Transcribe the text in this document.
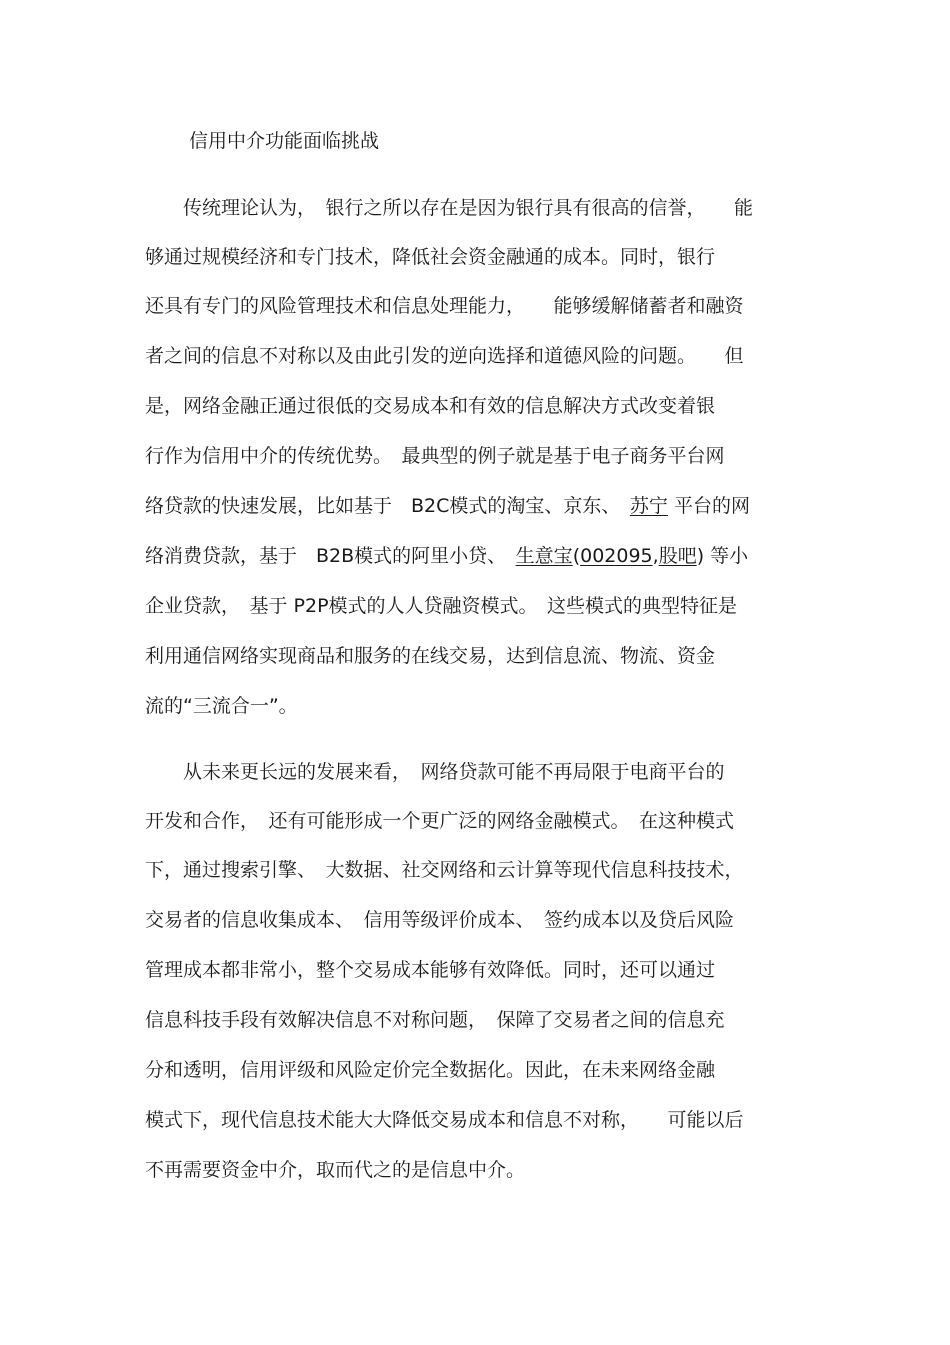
信用中介功能面临挑战
　　传统理论认为，　银行之所以存在是因为银行具有很高的信誉，　　能
够通过规模经济和专门技术，降低社会资金融通的成本。同时，银行
还具有专门的风险管理技术和信息处理能力，　　能够缓解储蓄者和融资
者之间的信息不对称以及由此引发的逆向选择和道德风险的问题。　　但
是，网络金融正通过很低的交易成本和有效的信息解决方式改变着银
行作为信用中介的传统优势。　最典型的例子就是基于电子商务平台网
络贷款的快速发展，比如基于　B2C模式的淘宝、京东、　苏宁 平台的网
络消费贷款，基于　B2B模式的阿里小贷、　生意宝(002095,股吧) 等小
企业贷款，　基于 P2P模式的人人贷融资模式。　这些模式的典型特征是
利用通信网络实现商品和服务的在线交易，达到信息流、物流、资金
流的“三流合一”。
　　从未来更长远的发展来看，　网络贷款可能不再局限于电商平台的
开发和合作，　还有可能形成一个更广泛的网络金融模式。　在这种模式
下，通过搜索引擎、　大数据、社交网络和云计算等现代信息科技技术，
交易者的信息收集成本、　信用等级评价成本、　签约成本以及贷后风险
管理成本都非常小，整个交易成本能够有效降低。同时，还可以通过
信息科技手段有效解决信息不对称问题，　保障了交易者之间的信息充
分和透明，信用评级和风险定价完全数据化。因此，在未来网络金融
模式下，现代信息技术能大大降低交易成本和信息不对称，　　可能以后
不再需要资金中介，取而代之的是信息中介。
